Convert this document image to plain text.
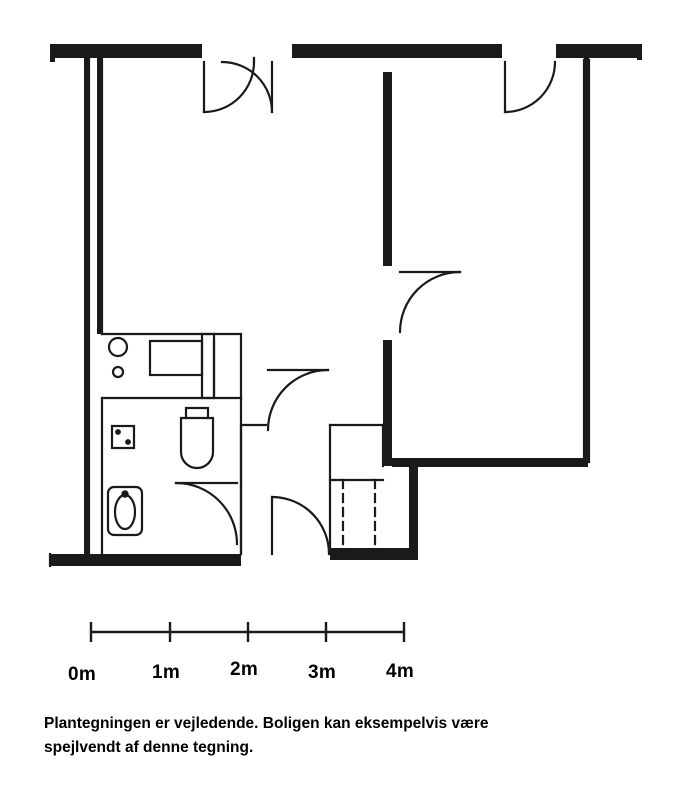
0m	1m	2m	3m	4m
Plantegningen er vejledende. Boligen kan eksempelvis være
spejlvendt af denne tegning.
